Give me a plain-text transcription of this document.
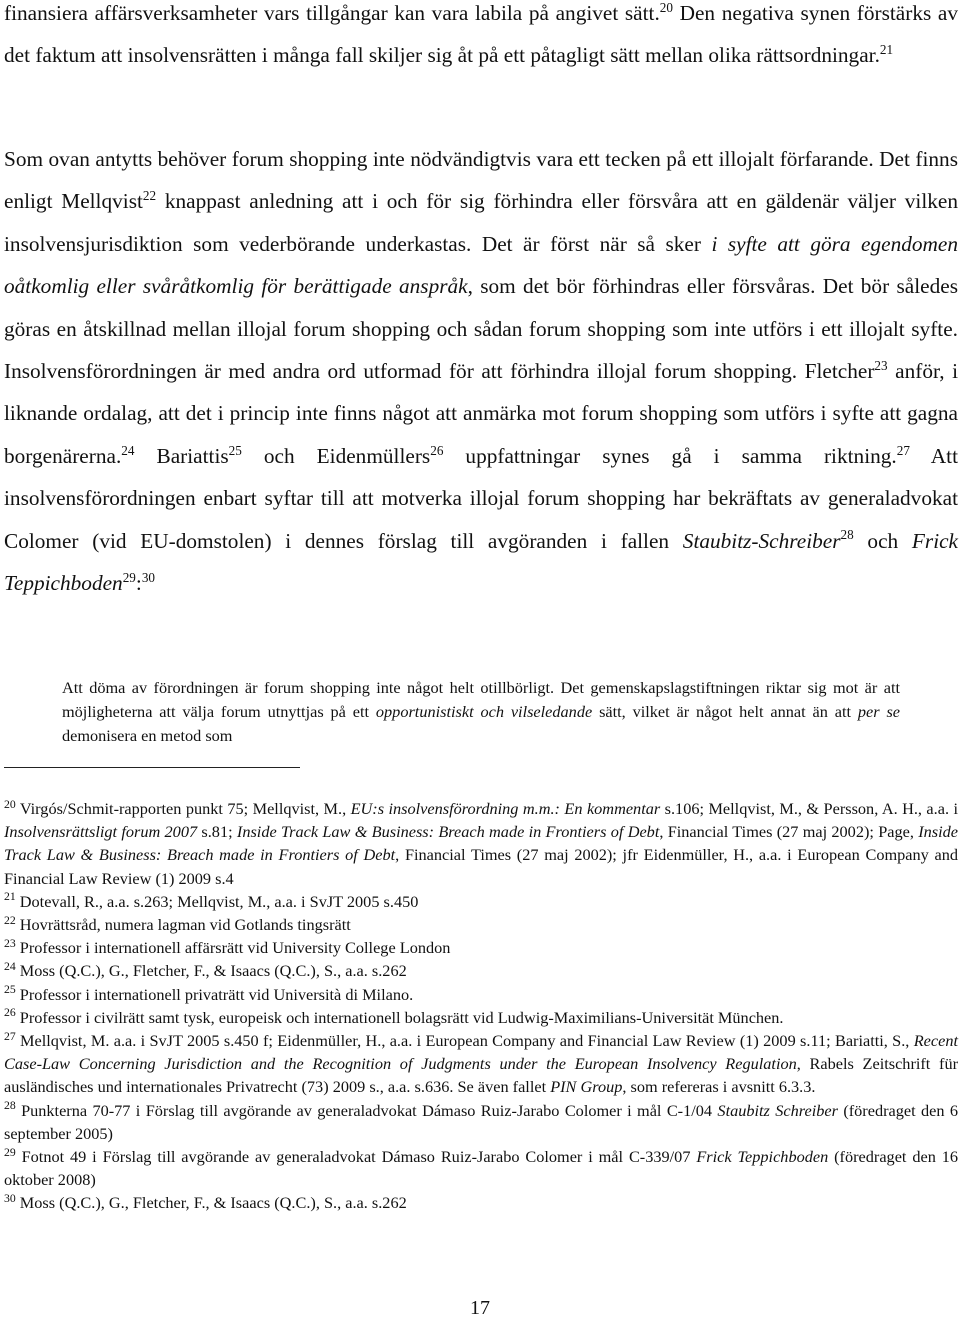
finansiera affärsverksamheter vars tillgångar kan vara labila på angivet sätt.$^{20}$ Den negativa synen förstärks av det faktum att insolvensrätten i många fall skiljer sig åt på ett påtagligt sätt mellan olika rättsordningar.$^{21}$

Som ovan antytts behöver forum shopping inte nödvändigtvis vara ett tecken på ett illojalt förfarande. Det finns enligt Mellqvist$^{22}$ knappast anledning att i och för sig förhindra eller försvåra att en gäldenär väljer vilken insolvensjurisdiktion som vederbörande underkastas. Det är först när så sker i syfte att göra egendomen oåtkomlig eller svåråtkomlig för berättigade anspråk, som det bör förhindras eller försvåras. Det bör således göras en åtskillnad mellan illojal forum shopping och sådan forum shopping som inte utförs i ett illojalt syfte. Insolvensförordningen är med andra ord utformad för att förhindra illojal forum shopping. Fletcher$^{23}$ anför, i liknande ordalag, att det i princip inte finns något att anmärka mot forum shopping som utförs i syfte att gagna borgenärerna.$^{24}$ Bariattis$^{25}$ och Eidenmüllers$^{26}$ uppfattningar synes gå i samma riktning.$^{27}$ Att insolvensförordningen enbart syftar till att motverka illojal forum shopping har bekräftats av generaladvokat Colomer (vid EU-domstolen) i dennes förslag till avgöranden i fallen Staubitz-Schreiber$^{28}$ och Frick Teppichboden$^{29}$:$^{30}$

Att döma av förordningen är forum shopping inte något helt otillbörligt. Det gemenskapslagstiftningen riktar sig mot är att möjligheterna att välja forum utnyttjas på ett opportunistiskt och vilseledande sätt, vilket är något helt annat än att per se demonisera en metod som

$^{20}$ Virgós/Schmit-rapporten punkt 75; Mellqvist, M., EU:s insolvensförordning m.m.: En kommentar s.106; Mellqvist, M., & Persson, A. H., a.a. i Insolvensrättsligt forum 2007 s.81; Inside Track Law & Business: Breach made in Frontiers of Debt, Financial Times (27 maj 2002); Page, Inside Track Law & Business: Breach made in Frontiers of Debt, Financial Times (27 maj 2002); jfr Eidenmüller, H., a.a. i European Company and Financial Law Review (1) 2009 s.4

$^{21}$ Dotevall, R., a.a. s.263; Mellqvist, M., a.a. i SvJT 2005 s.450

$^{22}$ Hovrättsråd, numera lagman vid Gotlands tingsrätt

$^{23}$ Professor i internationell affärsrätt vid University College London

$^{24}$ Moss (Q.C.), G., Fletcher, F., & Isaacs (Q.C.), S., a.a. s.262

$^{25}$ Professor i internationell privaträtt vid Università di Milano.

$^{26}$ Professor i civilrätt samt tysk, europeisk och internationell bolagsrätt vid Ludwig-Maximilians-Universität München.

$^{27}$ Mellqvist, M. a.a. i SvJT 2005 s.450 f; Eidenmüller, H., a.a. i European Company and Financial Law Review (1) 2009 s.11; Bariatti, S., Recent Case-Law Concerning Jurisdiction and the Recognition of Judgments under the European Insolvency Regulation, Rabels Zeitschrift für ausländisches und internationales Privatrecht (73) 2009 s., a.a. s.636. Se även fallet PIN Group, som refereras i avsnitt 6.3.3.

$^{28}$ Punkterna 70-77 i Förslag till avgörande av generaladvokat Dámaso Ruiz-Jarabo Colomer i mål C-1/04 Staubitz Schreiber (föredraget den 6 september 2005)

$^{29}$ Fotnot 49 i Förslag till avgörande av generaladvokat Dámaso Ruiz-Jarabo Colomer i mål C-339/07 Frick Teppichboden (föredraget den 16 oktober 2008)

$^{30}$ Moss (Q.C.), G., Fletcher, F., & Isaacs (Q.C.), S., a.a. s.262

17
